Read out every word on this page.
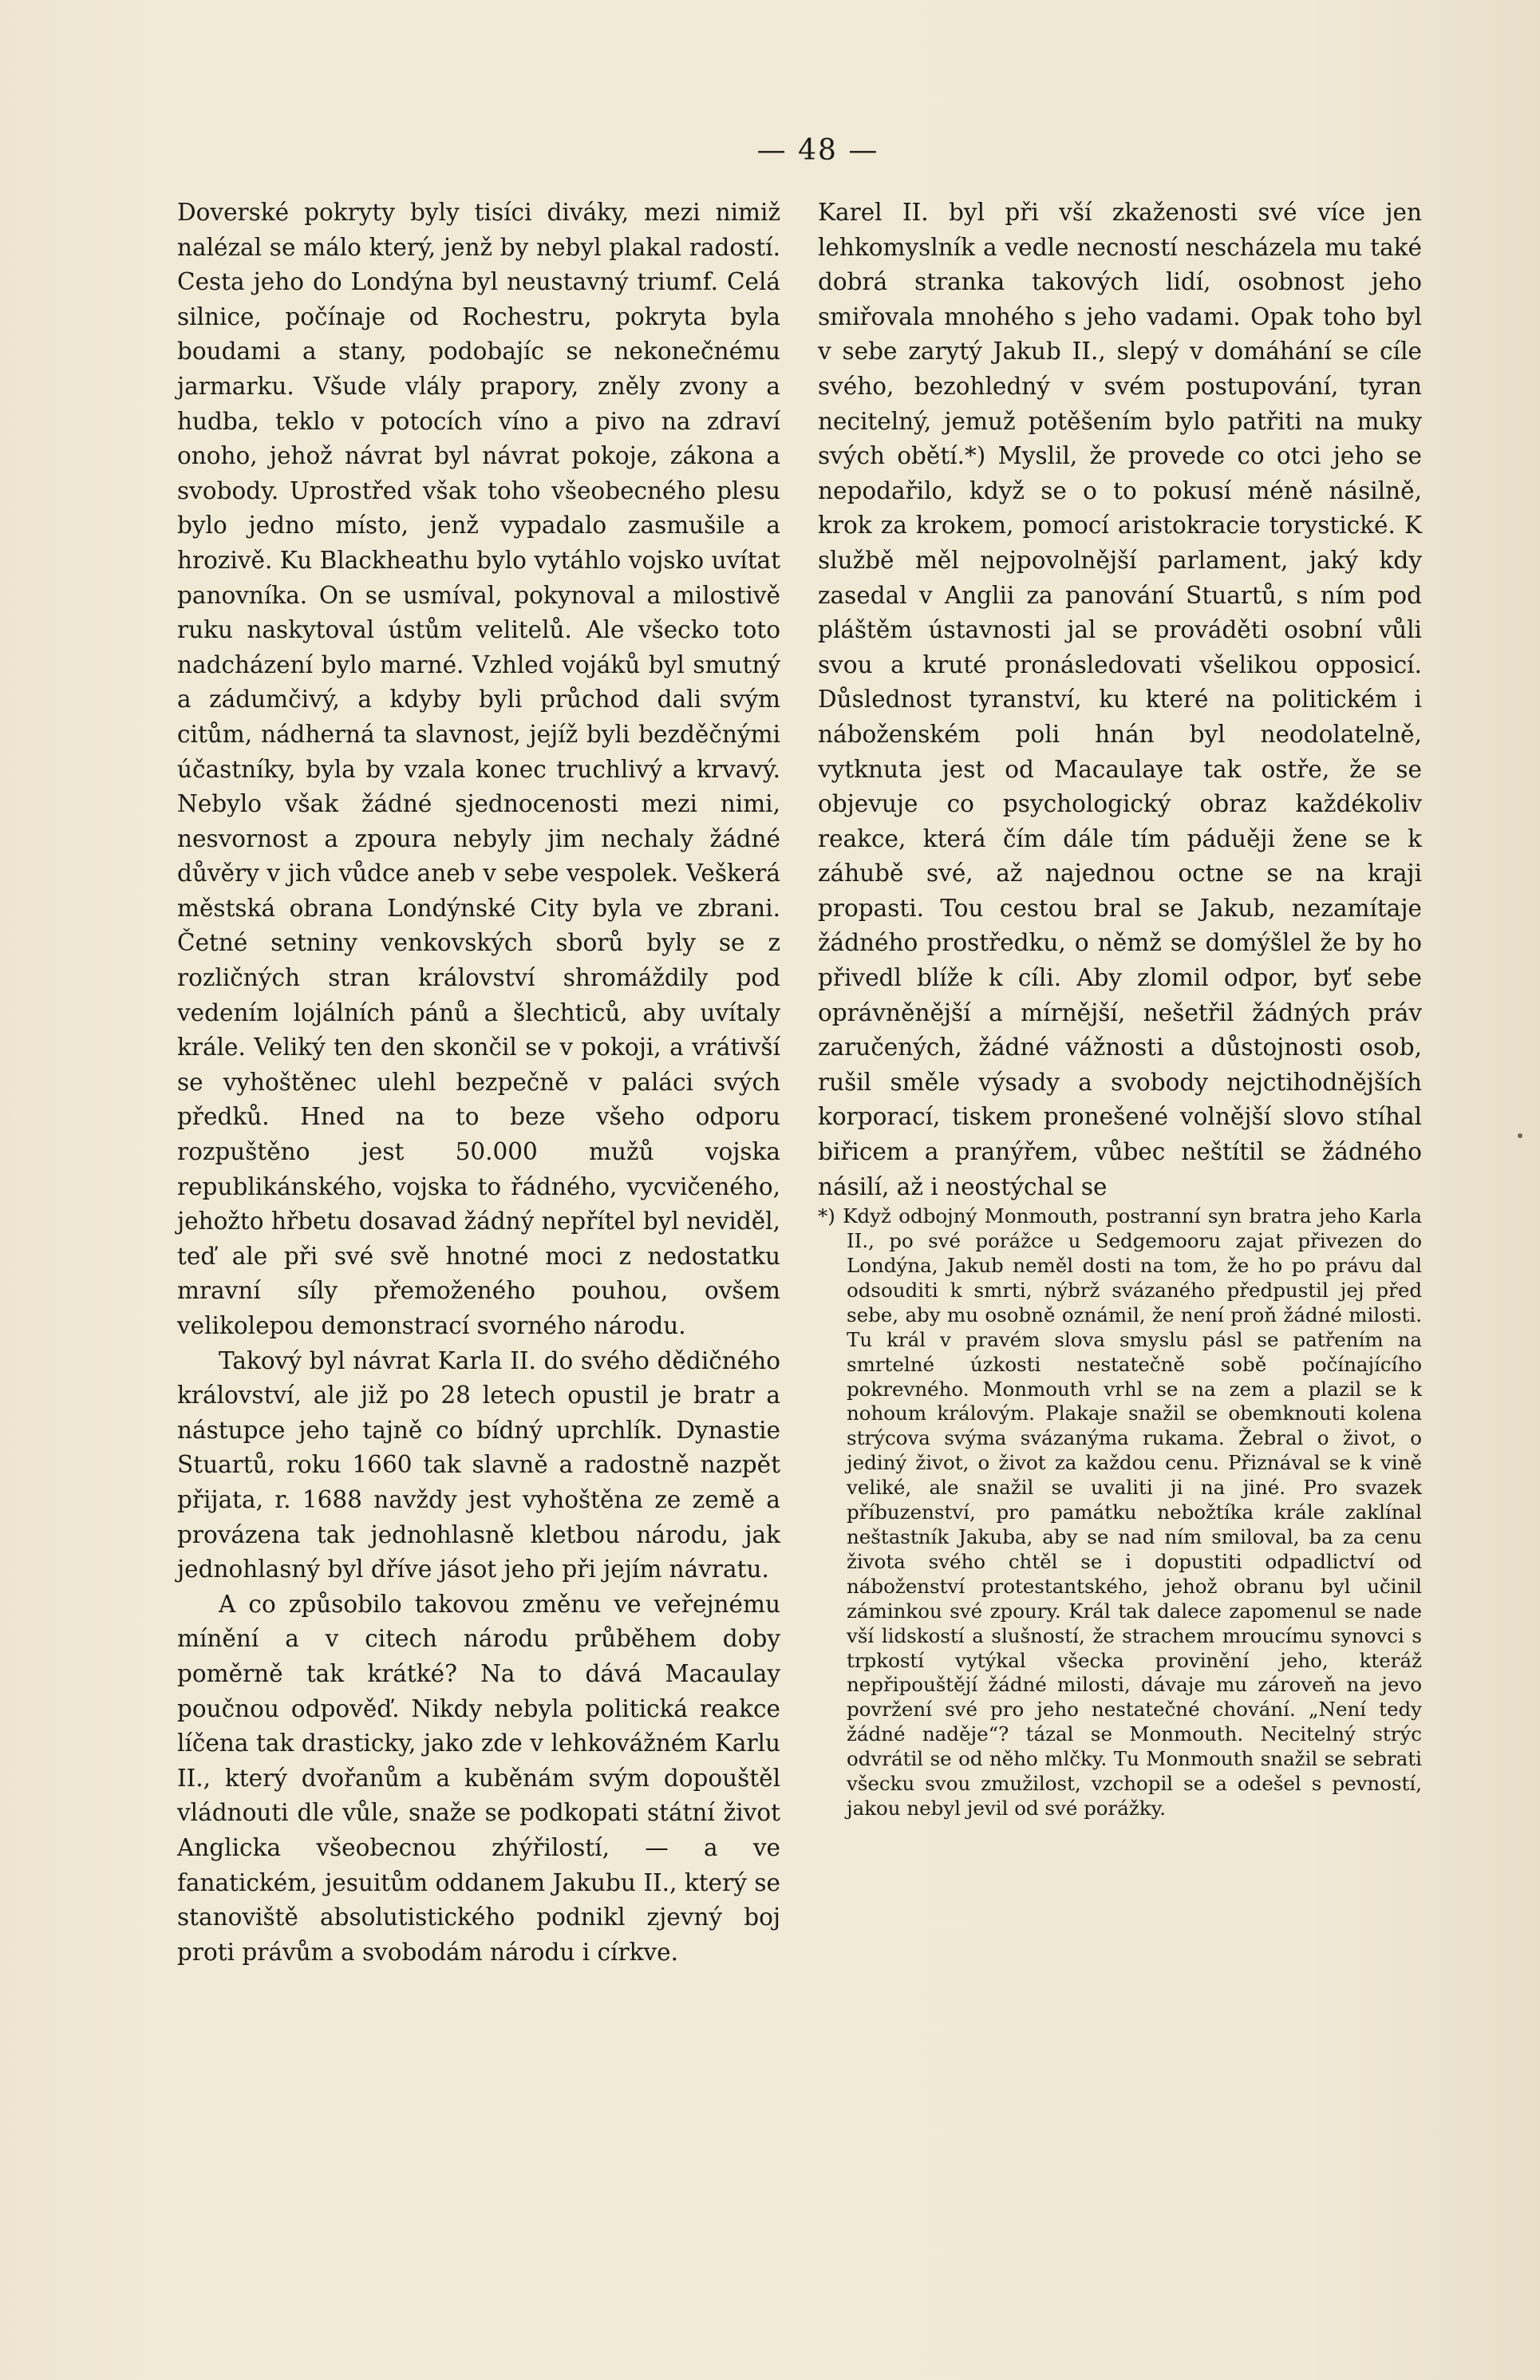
— 48 —

Doverské pokryty byly tisíci diváky, mezi nimiž nalézal se málo který, jenž by nebyl plakal radostí. Cesta jeho do Londýna byl neustavný triumf. Celá silnice, počínaje od Rochestru, pokryta byla boudami a stany, podobajíc se nekonečnému jarmarku. Všude vlály prapory, zněly zvony a hudba, teklo v potocích víno a pivo na zdraví onoho, jehož návrat byl návrat pokoje, zákona a svobody. Uprostřed však toho všeobecného plesu bylo jedno místo, jenž vypadalo zasmušile a hrozivě. Ku Blackheathu bylo vytáhlo vojsko uvítat panovníka. On se usmíval, pokynoval a milostivě ruku naskytoval ústům velitelů. Ale všecko toto nadcházení bylo marné. Vzhled vojáků byl smutný a zádumčivý, a kdyby byli průchod dali svým citům, nádherná ta slavnost, jejíž byli bezděčnými účastníky, byla by vzala konec truchlivý a krvavý. Nebylo však žádné sjednocenosti mezi nimi, nesvornost a zpoura nebyly jim nechaly žádné důvěry v jich vůdce aneb v sebe vespolek. Veškerá městská obrana Londýnské City byla ve zbrani. Četné setniny venkovských sborů byly se z rozličných stran království shromáždily pod vedením lojálních pánů a šlechticů, aby uvítaly krále. Veliký ten den skončil se v pokoji, a vrátivší se vyhoštěnec ulehl bezpečně v paláci svých předků. Hned na to beze všeho odporu rozpuštěno jest 50.000 mužů vojska republikánského, vojska to řádného, vycvičeného, jehožto hřbetu dosavad žádný nepřítel byl neviděl, teď ale při své svě hnotné moci z nedostatku mravní síly přemoženého pouhou, ovšem velikolepou demonstrací svorného národu.

Takový byl návrat Karla II. do svého dědičného království, ale již po 28 letech opustil je bratr a nástupce jeho tajně co bídný uprchlík. Dynastie Stuartů, roku 1660 tak slavně a radostně nazpět přijata, r. 1688 navždy jest vyhoštěna ze země a provázena tak jednohlasně kletbou národu, jak jednohlasný byl dříve jásot jeho při jejím návratu.

A co způsobilo takovou změnu ve veřejnému mínění a v citech národu průběhem doby poměrně tak krátké? Na to dává Macaulay poučnou odpověď. Nikdy nebyla politická reakce líčena tak drasticky, jako zde v lehkovážném Karlu II., který dvořanům a kuběnám svým dopouštěl vládnouti dle vůle, snaže se podkopati státní život Anglicka všeobecnou zhýřilostí, — a ve fanatickém, jesuitům oddanem Jakubu II., který se stanoviště absolutistického podnikl zjevný boj proti právům a svobodám národu i církve.

Karel II. byl při vší zkaženosti své více jen lehkomyslník a vedle necností nescházela mu také dobrá stranka takových lidí, osobnost jeho smiřovala mnohého s jeho vadami. Opak toho byl v sebe zarytý Jakub II., slepý v domáhání se cíle svého, bezohledný v svém postupování, tyran necitelný, jemuž potěšením bylo patřiti na muky svých obětí.*) Myslil, že provede co otci jeho se nepodařilo, když se o to pokusí méně násilně, krok za krokem, pomocí aristokracie torystické. K službě měl nejpovolnější parlament, jaký kdy zasedal v Anglii za panování Stuartů, s ním pod pláštěm ústavnosti jal se prováděti osobní vůli svou a kruté pronásledovati všelikou opposicí. Důslednost tyranství, ku které na politickém i náboženském poli hnán byl neodolatelně, vytknuta jest od Macaulaye tak ostře, že se objevuje co psychologický obraz každékoliv reakce, která čím dále tím páduěji žene se k záhubě své, až najednou octne se na kraji propasti. Tou cestou bral se Jakub, nezamítaje žádného prostředku, o němž se domýšlel že by ho přivedl blíže k cíli. Aby zlomil odpor, byť sebe oprávněnější a mírnější, nešetřil žádných práv zaručených, žádné vážnosti a důstojnosti osob, rušil směle výsady a svobody nejctihodnějších korporací, tiskem pronešené volnější slovo stíhal biřicem a pranýřem, vůbec neštítil se žádného násilí, až i neostýchal se

*) Když odbojný Monmouth, postranní syn bratra jeho Karla II., po své porážce u Sedgemooru zajat přivezen do Londýna, Jakub neměl dosti na tom, že ho po právu dal odsouditi k smrti, nýbrž svázaného předpustil jej před sebe, aby mu osobně oznámil, že není proň žádné milosti. Tu král v pravém slova smyslu pásl se patřením na smrtelné úzkosti nestatečně sobě počínajícího pokrevného. Monmouth vrhl se na zem a plazil se k nohoum královým. Plakaje snažil se obemknouti kolena strýcova svýma svázanýma rukama. Žebral o život, o jediný život, o život za každou cenu. Přiznával se k vině veliké, ale snažil se uvaliti ji na jiné. Pro svazek příbuzenství, pro památku nebožtíka krále zaklínal neštastník Jakuba, aby se nad ním smiloval, ba za cenu života svého chtěl se i dopustiti odpadlictví od náboženství protestantského, jehož obranu byl učinil záminkou své zpoury. Král tak dalece zapomenul se nade vší lidskostí a slušností, že strachem mroucímu synovci s trpkostí vytýkal všecka provinění jeho, kteráž nepřipouštějí žádné milosti, dávaje mu zároveň na jevo povržení své pro jeho nestatečné chování. „Není tedy žádné naděje“? tázal se Monmouth. Necitelný strýc odvrátil se od něho mlčky. Tu Monmouth snažil se sebrati všecku svou zmužilost, vzchopil se a odešel s pevností, jakou nebyl jevil od své porážky.
